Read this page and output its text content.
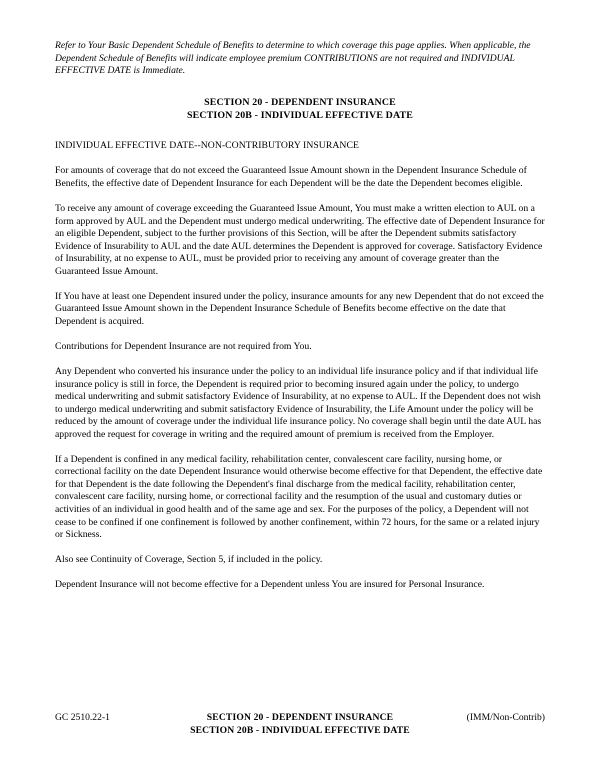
Refer to Your Basic Dependent Schedule of Benefits to determine to which coverage this page applies. When applicable, the Dependent Schedule of Benefits will indicate employee premium CONTRIBUTIONS are not required and INDIVIDUAL EFFECTIVE DATE is Immediate.
SECTION 20 - DEPENDENT INSURANCE
SECTION 20B - INDIVIDUAL EFFECTIVE DATE
INDIVIDUAL EFFECTIVE DATE--NON-CONTRIBUTORY INSURANCE

For amounts of coverage that do not exceed the Guaranteed Issue Amount shown in the Dependent Insurance Schedule of Benefits, the effective date of Dependent Insurance for each Dependent will be the date the Dependent becomes eligible.

To receive any amount of coverage exceeding the Guaranteed Issue Amount, You must make a written election to AUL on a form approved by AUL and the Dependent must undergo medical underwriting. The effective date of Dependent Insurance for an eligible Dependent, subject to the further provisions of this Section, will be after the Dependent submits satisfactory Evidence of Insurability to AUL and the date AUL determines the Dependent is approved for coverage. Satisfactory Evidence of Insurability, at no expense to AUL, must be provided prior to receiving any amount of coverage greater than the Guaranteed Issue Amount.

If You have at least one Dependent insured under the policy, insurance amounts for any new Dependent that do not exceed the Guaranteed Issue Amount shown in the Dependent Insurance Schedule of Benefits become effective on the date that Dependent is acquired.

Contributions for Dependent Insurance are not required from You.

Any Dependent who converted his insurance under the policy to an individual life insurance policy and if that individual life insurance policy is still in force, the Dependent is required prior to becoming insured again under the policy, to undergo medical underwriting and submit satisfactory Evidence of Insurability, at no expense to AUL. If the Dependent does not wish to undergo medical underwriting and submit satisfactory Evidence of Insurability, the Life Amount under the policy will be reduced by the amount of coverage under the individual life insurance policy. No coverage shall begin until the date AUL has approved the request for coverage in writing and the required amount of premium is received from the Employer.

If a Dependent is confined in any medical facility, rehabilitation center, convalescent care facility, nursing home, or correctional facility on the date Dependent Insurance would otherwise become effective for that Dependent, the effective date for that Dependent is the date following the Dependent's final discharge from the medical facility, rehabilitation center, convalescent care facility, nursing home, or correctional facility and the resumption of the usual and customary duties or activities of an individual in good health and of the same age and sex. For the purposes of the policy, a Dependent will not cease to be confined if one confinement is followed by another confinement, within 72 hours, for the same or a related injury or Sickness.

Also see Continuity of Coverage, Section 5, if included in the policy.

Dependent Insurance will not become effective for a Dependent unless You are insured for Personal Insurance.

GC 2510.22-1	SECTION 20 - DEPENDENT INSURANCE
SECTION 20B - INDIVIDUAL EFFECTIVE DATE
(IMM/Non-Contrib)
